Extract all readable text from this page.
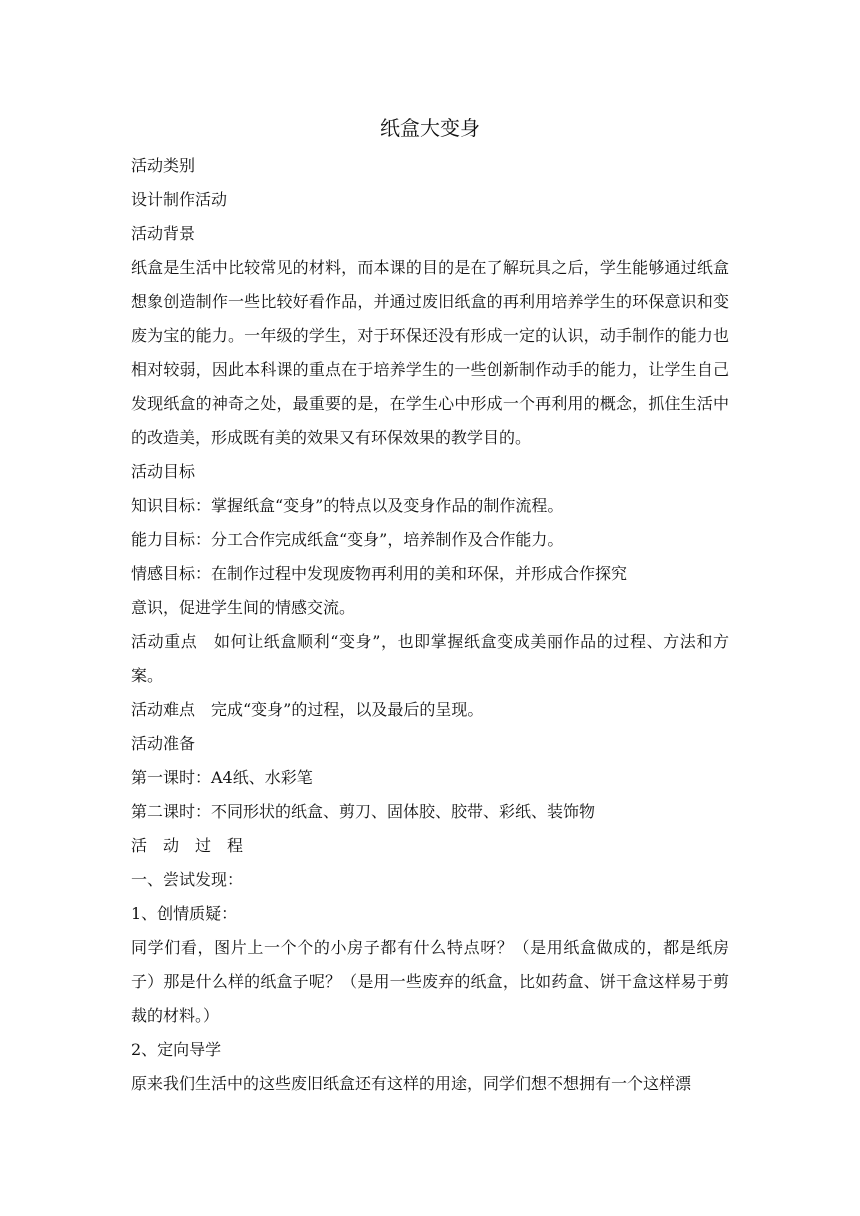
纸盒大变身
活动类别
设计制作活动
活动背景
纸盒是生活中比较常见的材料，而本课的目的是在了解玩具之后，学生能够通过纸盒想象创造制作一些比较好看作品，并通过废旧纸盒的再利用培养学生的环保意识和变废为宝的能力。一年级的学生，对于环保还没有形成一定的认识，动手制作的能力也相对较弱，因此本科课的重点在于培养学生的一些创新制作动手的能力，让学生自己发现纸盒的神奇之处，最重要的是，在学生心中形成一个再利用的概念，抓住生活中的改造美，形成既有美的效果又有环保效果的教学目的。
活动目标
知识目标：掌握纸盒“变身”的特点以及变身作品的制作流程。
能力目标：分工合作完成纸盒“变身”，培养制作及合作能力。
情感目标：在制作过程中发现废物再利用的美和环保，并形成合作探究
意识，促进学生间的情感交流。
活动重点　如何让纸盒顺利“变身”，也即掌握纸盒变成美丽作品的过程、方法和方案。
活动难点　完成“变身”的过程，以及最后的呈现。
活动准备
第一课时：A4纸、水彩笔
第二课时：不同形状的纸盒、剪刀、固体胶、胶带、彩纸、装饰物
活　动　过　程
一、尝试发现：
1、创情质疑：
同学们看，图片上一个个的小房子都有什么特点呀？（是用纸盒做成的，都是纸房子）那是什么样的纸盒子呢？（是用一些废弃的纸盒，比如药盒、饼干盒这样易于剪裁的材料。）
2、定向导学
原来我们生活中的这些废旧纸盒还有这样的用途，同学们想不想拥有一个这样漂
